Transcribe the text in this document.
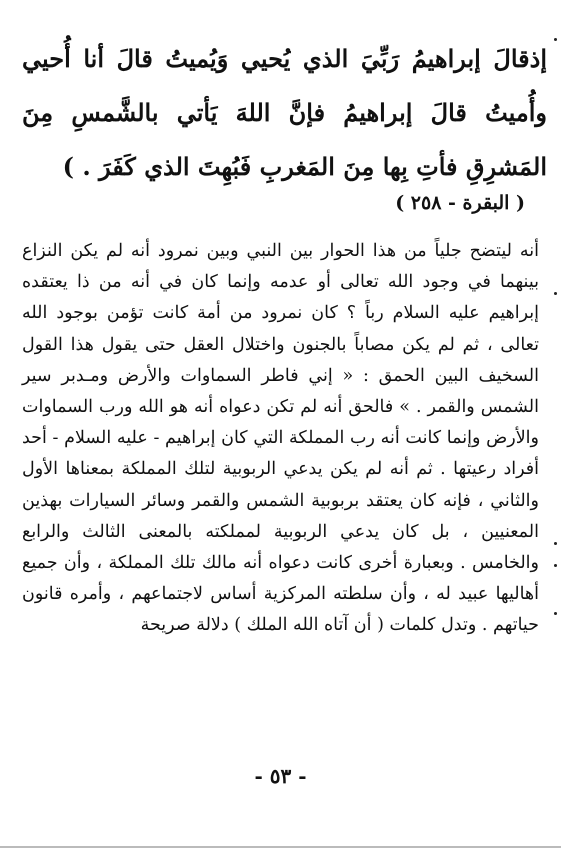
إذقالَ إبراهيمُ رَبِّيَ الذي يُحيي وَيُميتُ قالَ أنا أُحيي وأُميتُ قالَ إبراهيمُ فإنَّ اللهَ يَأتي بالشَّمسِ مِنَ المَشرِقِ فأتِ بِها مِنَ المَغربِ فَبُهِتَ الذي كَفَرَ . )
( البقرة - ٢٥٨ )

أنه ليتضح جلياً من هذا الحوار بين النبي وبين نمرود أنه لم يكن النزاع بينهما في وجود الله تعالى أو عدمه وإنما كان في أنه من ذا يعتقده إبراهيم عليه السلام رباً ؟ كان نمرود من أمة كانت تؤمن بوجود الله تعالى ، ثم لم يكن مصاباً بالجنون واختلال العقل حتى يقول هذا القول السخيف البين الحمق : « إني فاطر السماوات والأرض ومـدبر سير الشمس والقمر . » فالحق أنه لم تكن دعواه أنه هو الله ورب السماوات والأرض وإنما كانت أنه رب المملكة التي كان إبراهيم - عليه السلام - أحد أفراد رعيتها . ثم أنه لم يكن يدعي الربوبية لتلك المملكة بمعناها الأول والثاني ، فإنه كان يعتقد بربوبية الشمس والقمر وسائر السيارات بهذين المعنيين ، بل كان يدعي الربوبية لمملكته بالمعنى الثالث والرابع والخامس . وبعبارة أخرى كانت دعواه أنه مالك تلك المملكة ، وأن جميع أهاليها عبيد له ، وأن سلطته المركزية أساس لاجتماعهم ، وأمره قانون حياتهم . وتدل كلمات ( أن آتاه الله الملك ) دلالة صريحة

- ٥٣ -
